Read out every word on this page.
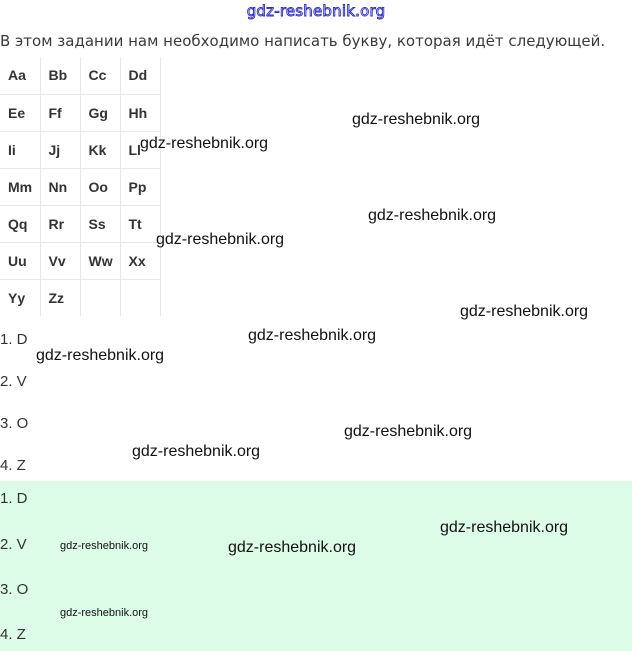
gdz-reshebnik.org
В этом задании нам необходимо написать букву, которая идёт следующей.
Aa	Bb	Cc	Dd
Ee	Ff	Gg	Hh
Ii	Jj	Kk	Ll
Mm	Nn	Oo	Pp
Qq	Rr	Ss	Tt
Uu	Vv	Ww	Xx
Yy	Zz		
1. D
2. V
3. O
4. Z
1. D
2. V
3. O
4. Z
gdz-reshebnik.org
gdz-reshebnik.org
gdz-reshebnik.org
gdz-reshebnik.org
gdz-reshebnik.org
gdz-reshebnik.org
gdz-reshebnik.org
gdz-reshebnik.org
gdz-reshebnik.org
gdz-reshebnik.org
gdz-reshebnik.org
gdz-reshebnik.org
gdz-reshebnik.org
